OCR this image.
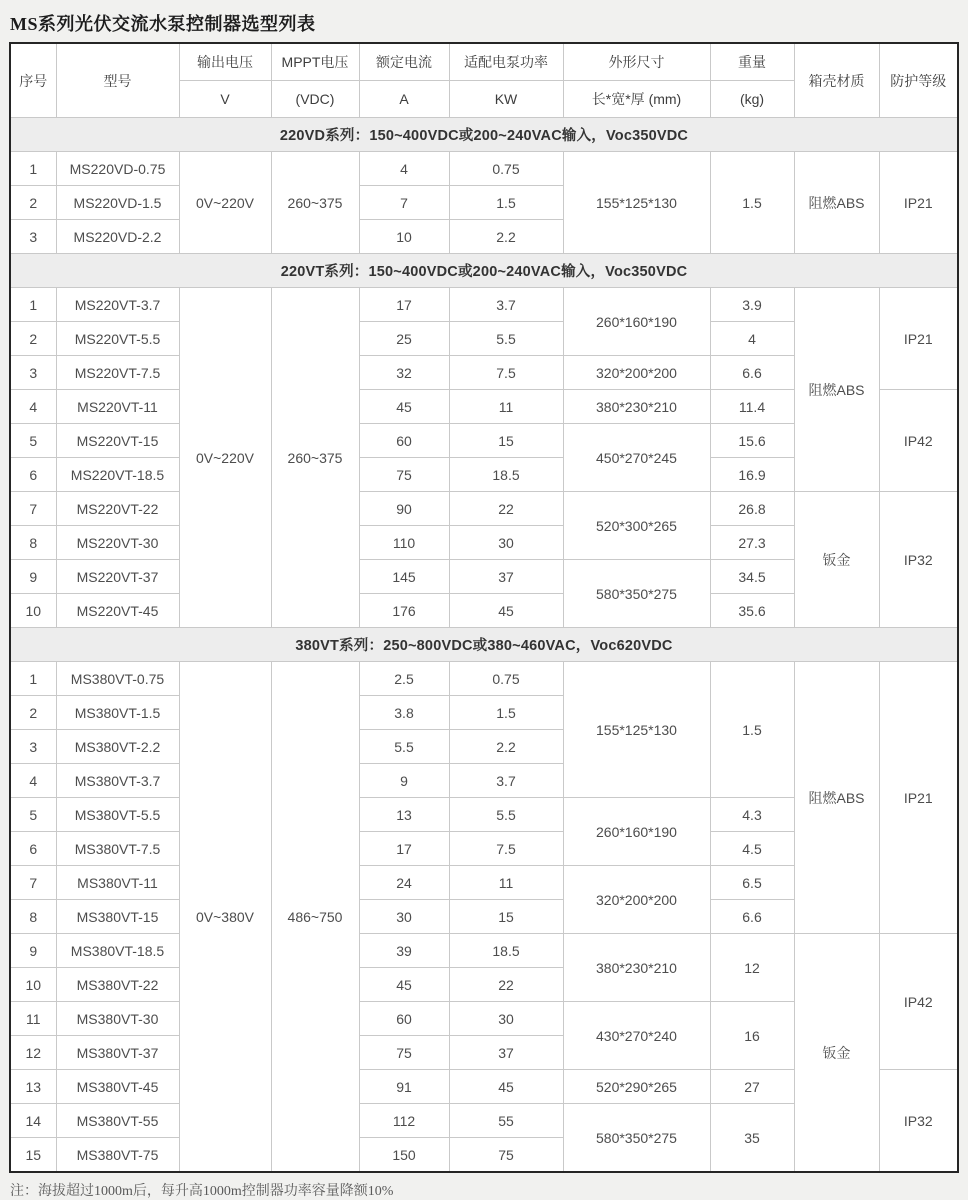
MS系列光伏交流水泵控制器选型列表
序号	型号	输出电压	MPPT电压	额定电流	适配电泵功率	外形尺寸	重量	箱壳材质	防护等级
		V	(VDC)	A	KW	长*宽*厚 (mm)	(kg)		
220VD系列：150~400VDC或200~240VAC输入，Voc350VDC									
1	MS220VD-0.75	0V~220V	260~375	4	0.75	155*125*130	1.5	阻燃ABS	IP21
2	MS220VD-1.5			7	1.5				
3	MS220VD-2.2			10	2.2				
220VT系列：150~400VDC或200~240VAC输入，Voc350VDC									
1	MS220VT-3.7	0V~220V	260~375	17	3.7	260*160*190	3.9	阻燃ABS	IP21
2	MS220VT-5.5			25	5.5		4		
3	MS220VT-7.5			32	7.5	320*200*200	6.6		
4	MS220VT-11			45	11	380*230*210	11.4		IP42
5	MS220VT-15			60	15	450*270*245	15.6		
6	MS220VT-18.5			75	18.5		16.9		
7	MS220VT-22			90	22	520*300*265	26.8	钣金	IP32
8	MS220VT-30			110	30		27.3		
9	MS220VT-37			145	37	580*350*275	34.5		
10	MS220VT-45			176	45		35.6		
380VT系列：250~800VDC或380~460VAC，Voc620VDC									
1	MS380VT-0.75	0V~380V	486~750	2.5	0.75	155*125*130	1.5	阻燃ABS	IP21
2	MS380VT-1.5			3.8	1.5				
3	MS380VT-2.2			5.5	2.2				
4	MS380VT-3.7			9	3.7				
5	MS380VT-5.5			13	5.5	260*160*190	4.3		
6	MS380VT-7.5			17	7.5		4.5		
7	MS380VT-11			24	11	320*200*200	6.5		
8	MS380VT-15			30	15		6.6		
9	MS380VT-18.5			39	18.5	380*230*210	12	钣金	IP42
10	MS380VT-22			45	22				
11	MS380VT-30			60	30	430*270*240	16		
12	MS380VT-37			75	37				
13	MS380VT-45			91	45	520*290*265	27		IP32
14	MS380VT-55			112	55	580*350*275	35		
15	MS380VT-75			150	75				
注：海拔超过1000m后，每升高1000m控制器功率容量降额10%
